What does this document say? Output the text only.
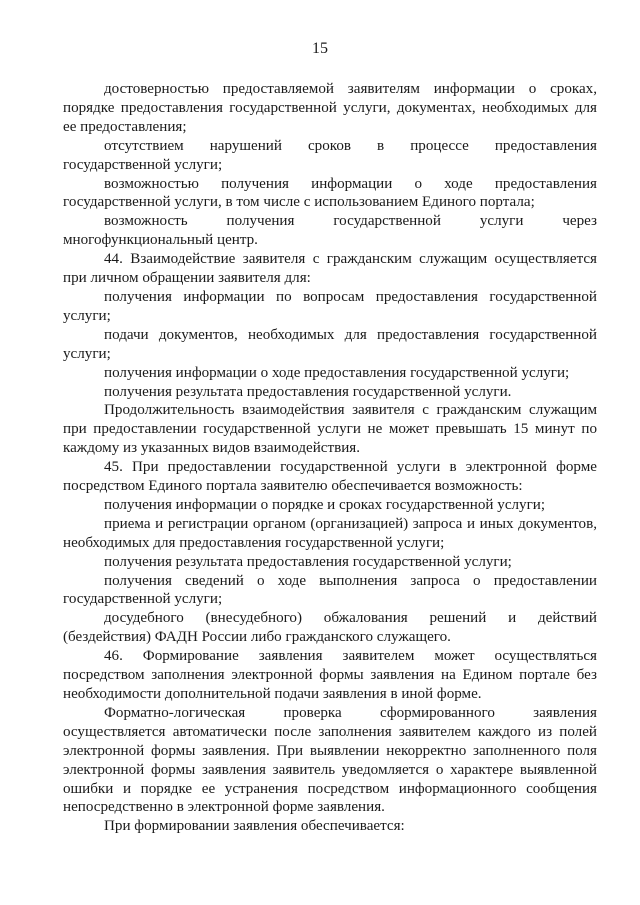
15

достоверностью предоставляемой заявителям информации о сроках, порядке предоставления государственной услуги, документах, необходимых для ее предоставления;

отсутствием нарушений сроков в процессе предоставления государственной услуги;

возможностью получения информации о ходе предоставления государственной услуги, в том числе с использованием Единого портала;

возможность получения государственной услуги через многофункциональный центр.

44. Взаимодействие заявителя с гражданским служащим осуществляется при личном обращении заявителя для:

получения информации по вопросам предоставления государственной услуги;

подачи документов, необходимых для предоставления государственной услуги;

получения информации о ходе предоставления государственной услуги;

получения результата предоставления государственной услуги.

Продолжительность взаимодействия заявителя с гражданским служащим при предоставлении государственной услуги не может превышать 15 минут по каждому из указанных видов взаимодействия.

45. При предоставлении государственной услуги в электронной форме посредством Единого портала заявителю обеспечивается возможность:

получения информации о порядке и сроках государственной услуги;

приема и регистрации органом (организацией) запроса и иных документов, необходимых для предоставления государственной услуги;

получения результата предоставления государственной услуги;

получения сведений о ходе выполнения запроса о предоставлении государственной услуги;

досудебного (внесудебного) обжалования решений и действий (бездействия) ФАДН России либо гражданского служащего.

46. Формирование заявления заявителем может осуществляться посредством заполнения электронной формы заявления на Едином портале без необходимости дополнительной подачи заявления в иной форме.

Форматно-логическая проверка сформированного заявления осуществляется автоматически после заполнения заявителем каждого из полей электронной формы заявления. При выявлении некорректно заполненного поля электронной формы заявления заявитель уведомляется о характере выявленной ошибки и порядке ее устранения посредством информационного сообщения непосредственно в электронной форме заявления.

При формировании заявления обеспечивается:
